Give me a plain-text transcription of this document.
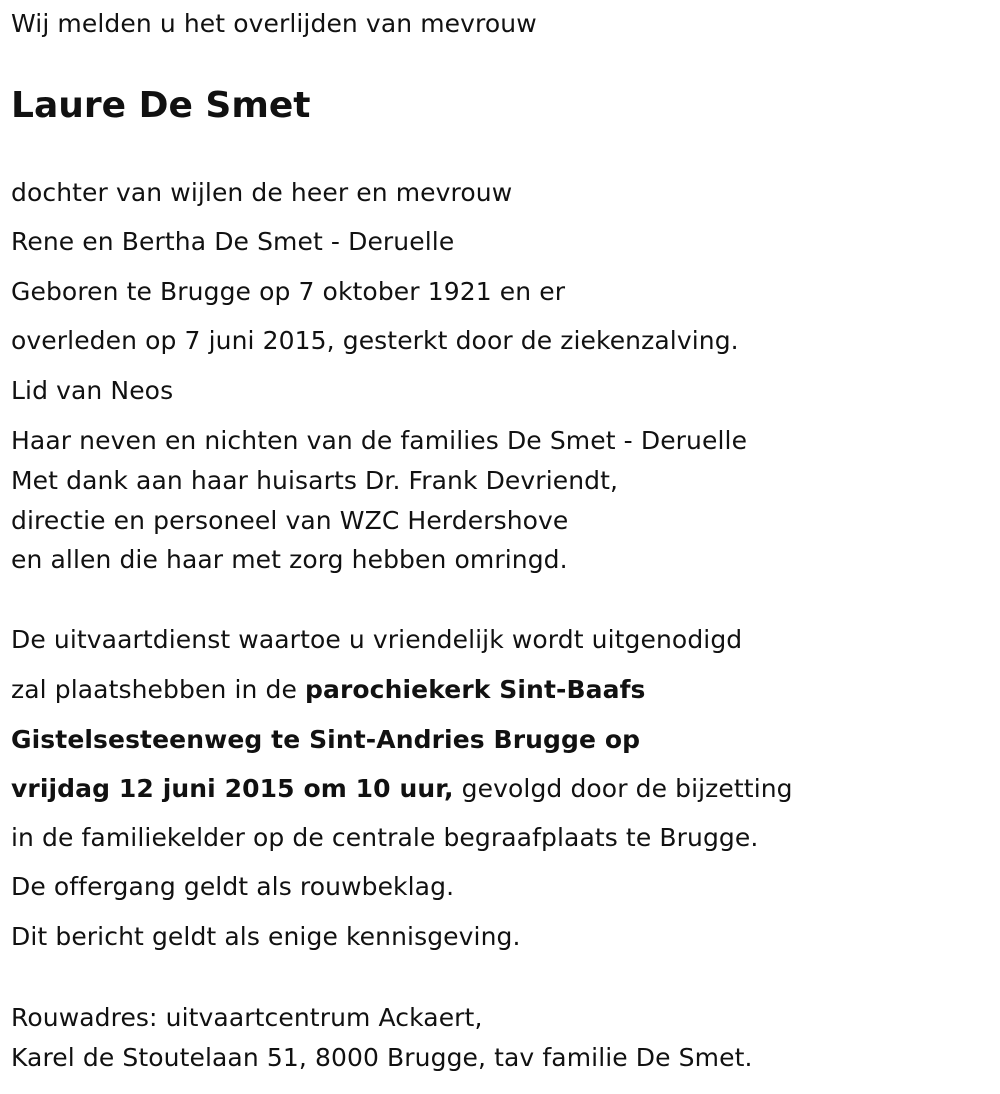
Wij melden u het overlijden van mevrouw
Laure De Smet
dochter van wijlen de heer en mevrouw
Rene en Bertha De Smet - Deruelle
Geboren te Brugge op 7 oktober 1921 en er
overleden op 7 juni 2015, gesterkt door de ziekenzalving.
Lid van Neos
Haar neven en nichten van de families De Smet - Deruelle
Met dank aan haar huisarts Dr. Frank Devriendt,
directie en personeel van WZC Herdershove
en allen die haar met zorg hebben omringd.
De uitvaartdienst waartoe u vriendelijk wordt uitgenodigd
zal plaatshebben in de parochiekerk Sint-Baafs
Gistelsesteenweg te Sint-Andries Brugge op
vrijdag 12 juni 2015 om 10 uur, gevolgd door de bijzetting
in de familiekelder op de centrale begraafplaats te Brugge.
De offergang geldt als rouwbeklag.
Dit bericht geldt als enige kennisgeving.
Rouwadres: uitvaartcentrum Ackaert,
Karel de Stoutelaan 51, 8000 Brugge, tav familie De Smet.
